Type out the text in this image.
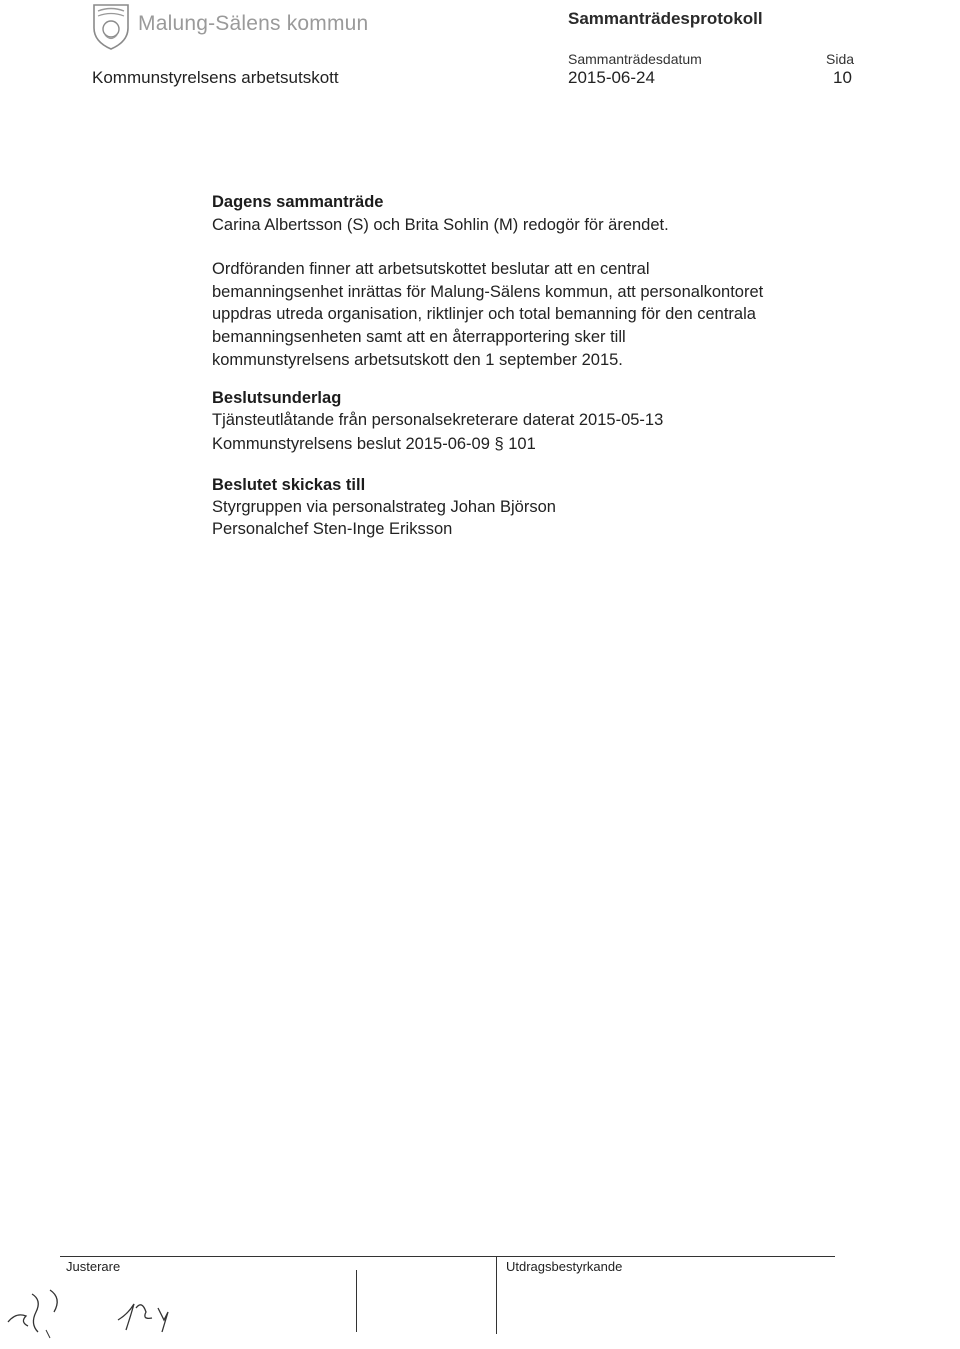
Malung-Sälens kommun	Sammanträdesprotokoll
Sammanträdesdatum	Sida
Kommunstyrelsens arbetsutskott	2015-06-24	10
Dagens sammanträde
Carina Albertsson (S) och Brita Sohlin (M) redogör för ärendet.
Ordföranden finner att arbetsutskottet beslutar att en central
bemanningsenhet inrättas för Malung-Sälens kommun, att personalkontoret
uppdras utreda organisation, riktlinjer och total bemanning för den centrala
bemanningsenheten samt att en återrapportering sker till
kommunstyrelsens arbetsutskott den 1 september 2015.
Beslutsunderlag
Tjänsteutlåtande från personalsekreterare daterat 2015-05-13
Kommunstyrelsens beslut 2015-06-09 § 101
Beslutet skickas till
Styrgruppen via personalstrateg Johan Björson
Personalchef Sten-Inge Eriksson
Justerare	Utdragsbestyrkande
